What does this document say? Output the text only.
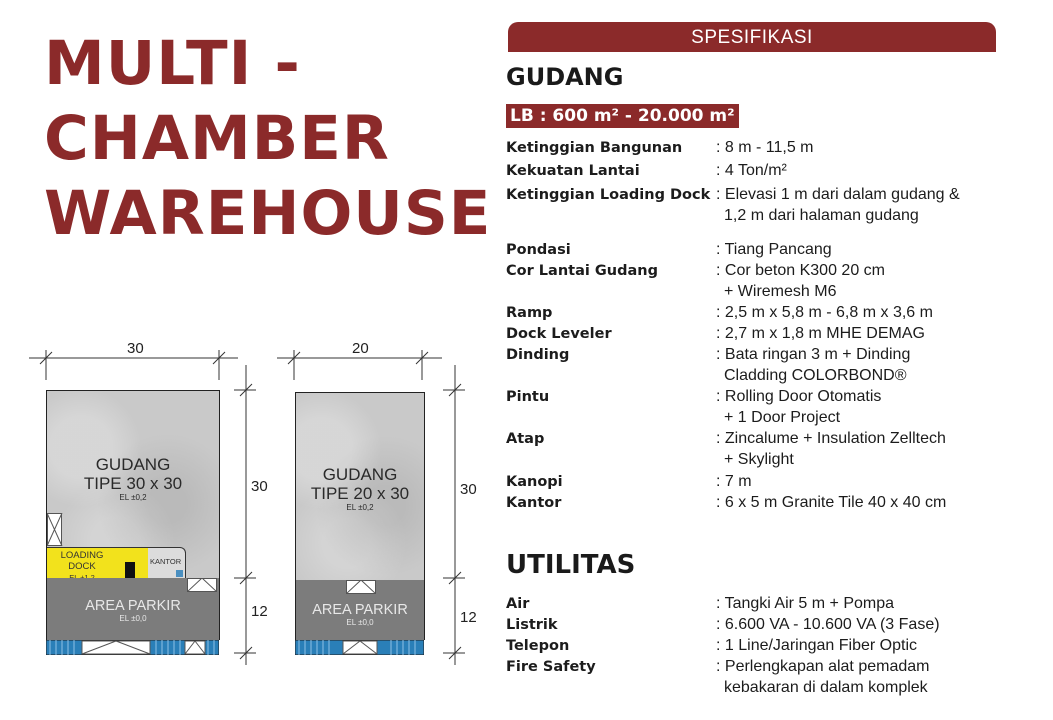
MULTI -
CHAMBER
WAREHOUSE
SPESIFIKASI
GUDANG
LB : 600 m² - 20.000 m²
Ketinggian Bangunan : 8 m - 11,5 m
Kekuatan Lantai	: 4 Ton/m²
Ketinggian Loading Dock : Elevasi 1 m dari dalam gudang &
1,2 m dari halaman gudang
Pondasi	: Tiang Pancang
Cor Lantai Gudang	: Cor beton K300 20 cm
+ Wiremesh M6
Ramp	: 2,5 m x 5,8 m - 6,8 m x 3,6 m
Dock Leveler	: 2,7 m x 1,8 m MHE DEMAG
Dinding	: Bata ringan 3 m + Dinding
Cladding COLORBOND®
Pintu	: Rolling Door Otomatis
+ 1 Door Project
Atap	: Zincalume + Insulation Zelltech
+ Skylight
Kanopi	: 7 m
Kantor	: 6 x 5 m Granite Tile 40 x 40 cm
UTILITAS
Air	: Tangki Air 5 m + Pompa
Listrik	: 6.600 VA - 10.600 VA (3 Fase)
Telepon	: 1 Line/Jaringan Fiber Optic
Fire Safety	: Perlengkapan alat pemadam
kebakaran di dalam komplek
30
30
12
GUDANG
TIPE 30 x 30
EL ±0,2
LOADING DOCK	KANTOR
AREA PARKIR
EL ±0,0
20
30
12
GUDANG
TIPE 20 x 30
EL ±0,2
AREA PARKIR
EL ±0,0
